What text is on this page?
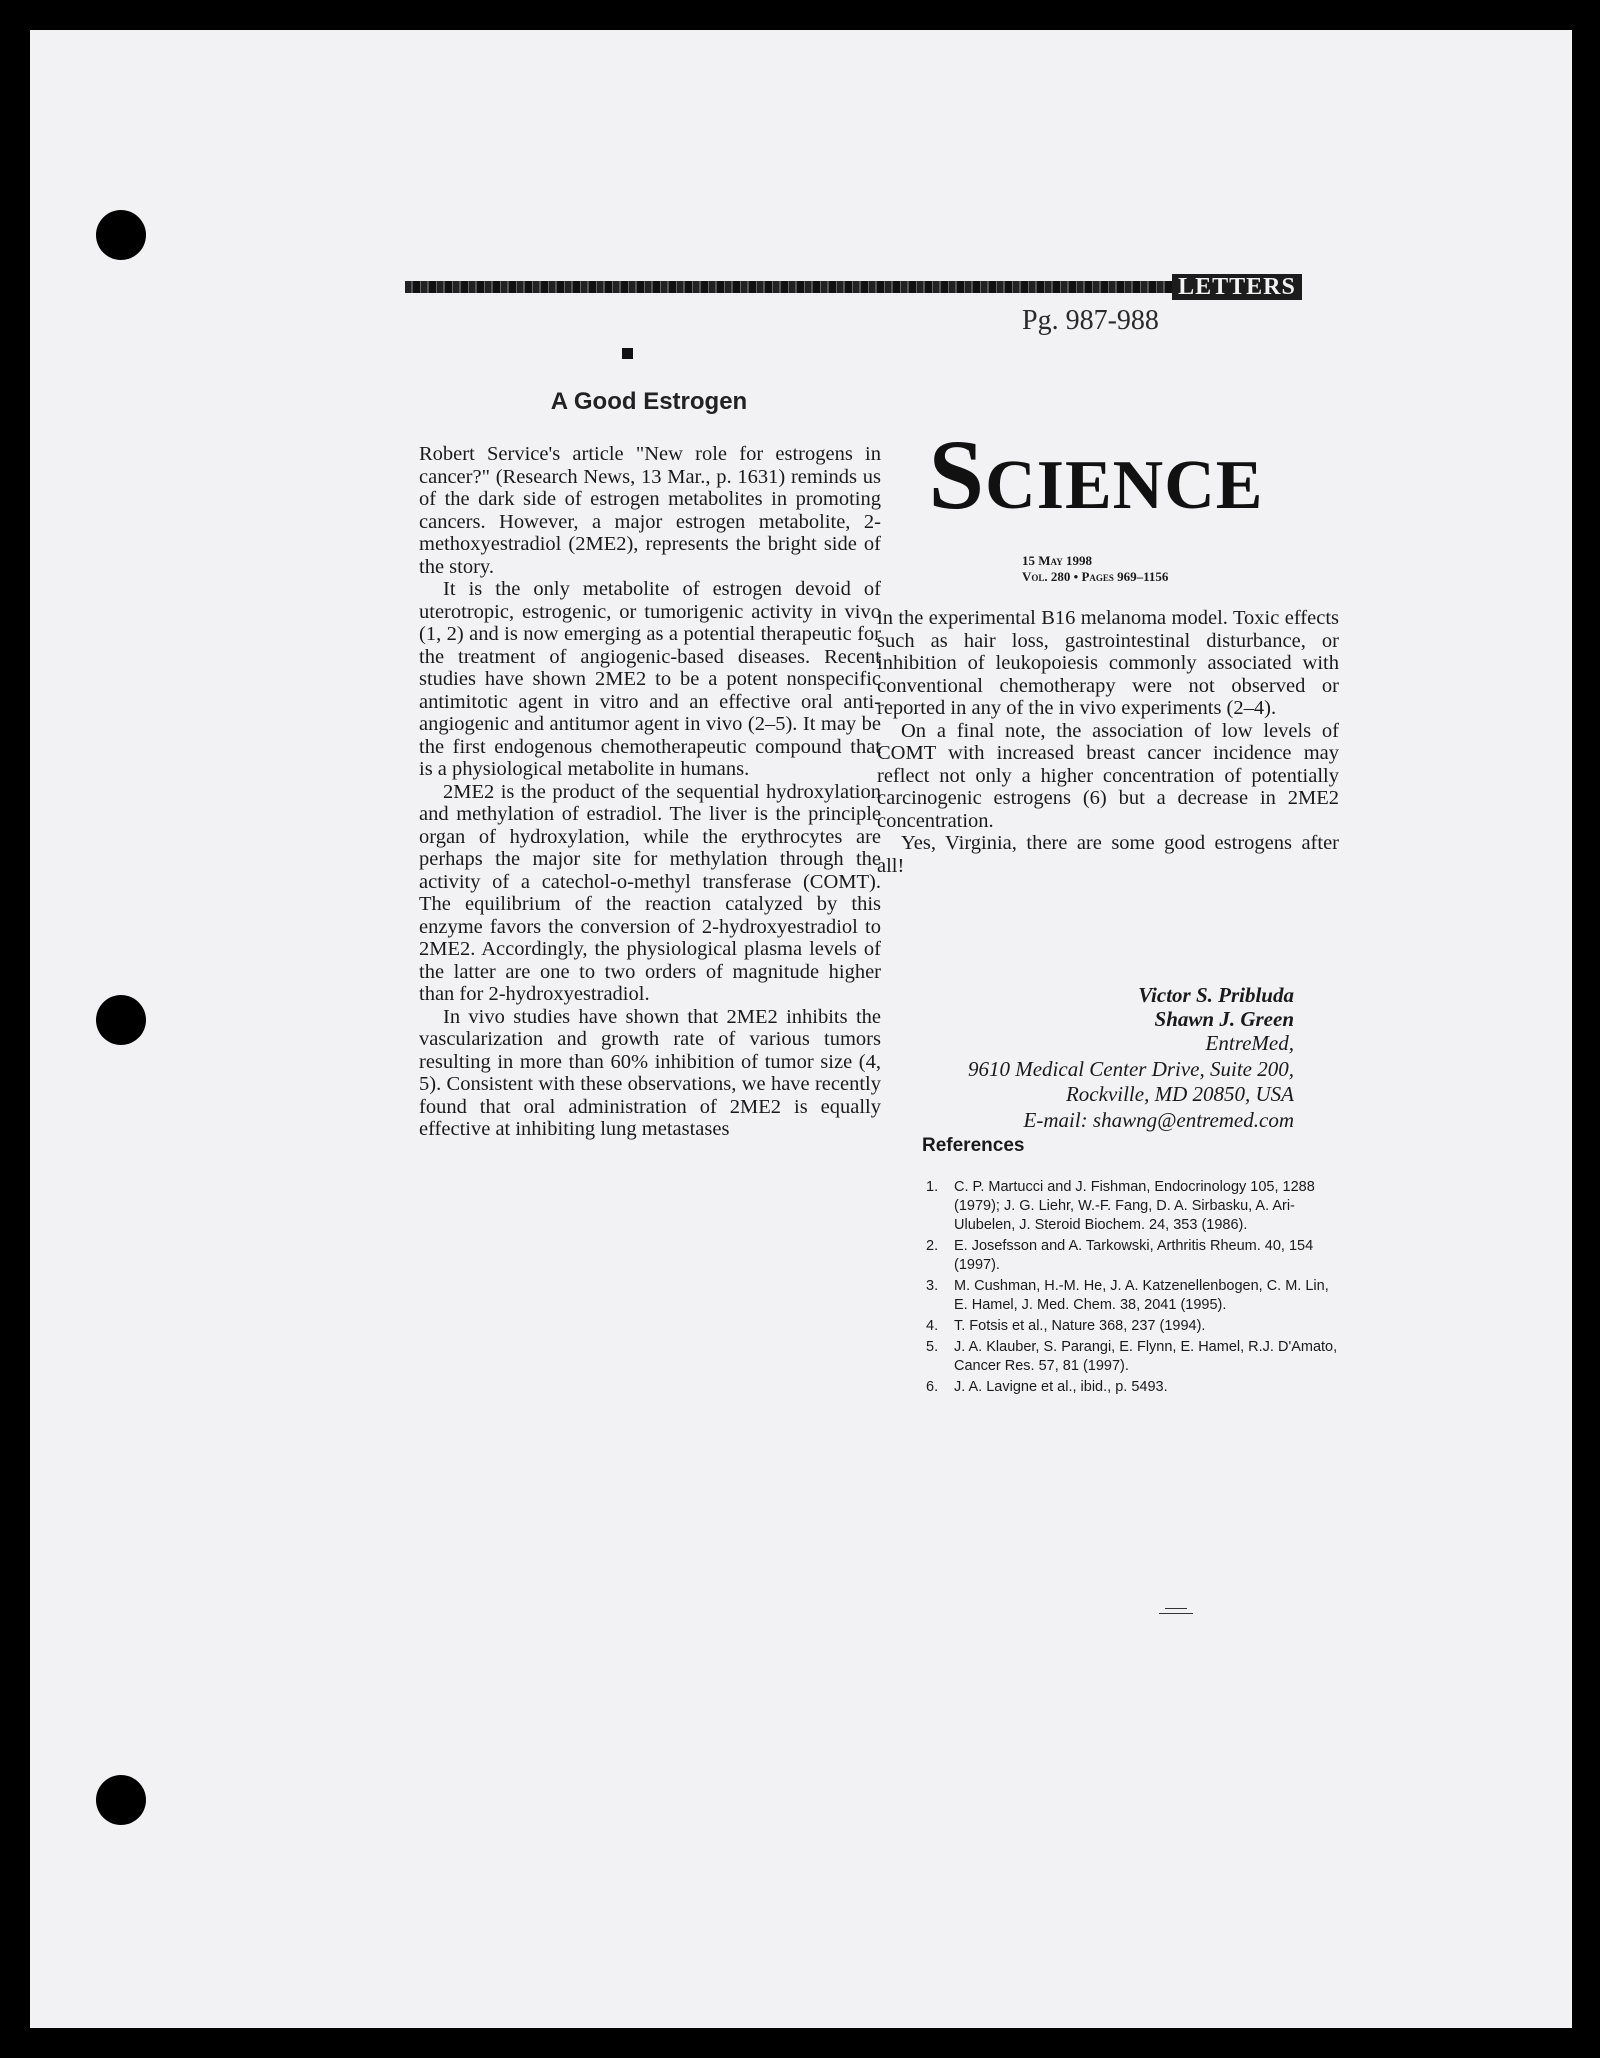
LETTERS
Pg. 987-988
A Good Estrogen

Robert Service's article "New role for estrogens in cancer?" (Research News, 13 Mar., p. 1631) reminds us of the dark side of estrogen metabolites in promoting cancers. However, a major estrogen metabolite, 2-methoxyestradiol (2ME2), represents the bright side of the story.

It is the only metabolite of estrogen devoid of uterotropic, estrogenic, or tumorigenic activity in vivo (1, 2) and is now emerging as a potential therapeutic for the treatment of angiogenic-based diseases. Recent studies have shown 2ME2 to be a potent nonspecific antimitotic agent in vitro and an effective oral anti-angiogenic and antitumor agent in vivo (2–5). It may be the first endogenous chemotherapeutic compound that is a physiological metabolite in humans.

2ME2 is the product of the sequential hydroxylation and methylation of estradiol. The liver is the principle organ of hydroxylation, while the erythrocytes are perhaps the major site for methylation through the activity of a catechol-o-methyl transferase (COMT). The equilibrium of the reaction catalyzed by this enzyme favors the conversion of 2-hydroxyestradiol to 2ME2. Accordingly, the physiological plasma levels of the latter are one to two orders of magnitude higher than for 2-hydroxyestradiol.

In vivo studies have shown that 2ME2 inhibits the vascularization and growth rate of various tumors resulting in more than 60% inhibition of tumor size (4, 5). Consistent with these observations, we have recently found that oral administration of 2ME2 is equally effective at inhibiting lung metastases

Science
15 May 1998
Vol. 280 • Pages 969–1156

in the experimental B16 melanoma model. Toxic effects such as hair loss, gastrointestinal disturbance, or inhibition of leukopoiesis commonly associated with conventional chemotherapy were not observed or reported in any of the in vivo experiments (2–4).

On a final note, the association of low levels of COMT with increased breast cancer incidence may reflect not only a higher concentration of potentially carcinogenic estrogens (6) but a decrease in 2ME2 concentration.

Yes, Virginia, there are some good estrogens after all!

Victor S. Pribluda
Shawn J. Green
EntreMed,
9610 Medical Center Drive, Suite 200,
Rockville, MD 20850, USA
E-mail: shawng@entremed.com
References
1. C. P. Martucci and J. Fishman, Endocrinology 105, 1288 (1979); J. G. Liehr, W.-F. Fang, D. A. Sirbasku, A. Ari-Ulubelen, J. Steroid Biochem. 24, 353 (1986).
2. E. Josefsson and A. Tarkowski, Arthritis Rheum. 40, 154 (1997).
3. M. Cushman, H.-M. He, J. A. Katzenellenbogen, C. M. Lin, E. Hamel, J. Med. Chem. 38, 2041 (1995).
4. T. Fotsis et al., Nature 368, 237 (1994).
5. J. A. Klauber, S. Parangi, E. Flynn, E. Hamel, R.J. D'Amato, Cancer Res. 57, 81 (1997).
6. J. A. Lavigne et al., ibid., p. 5493.
